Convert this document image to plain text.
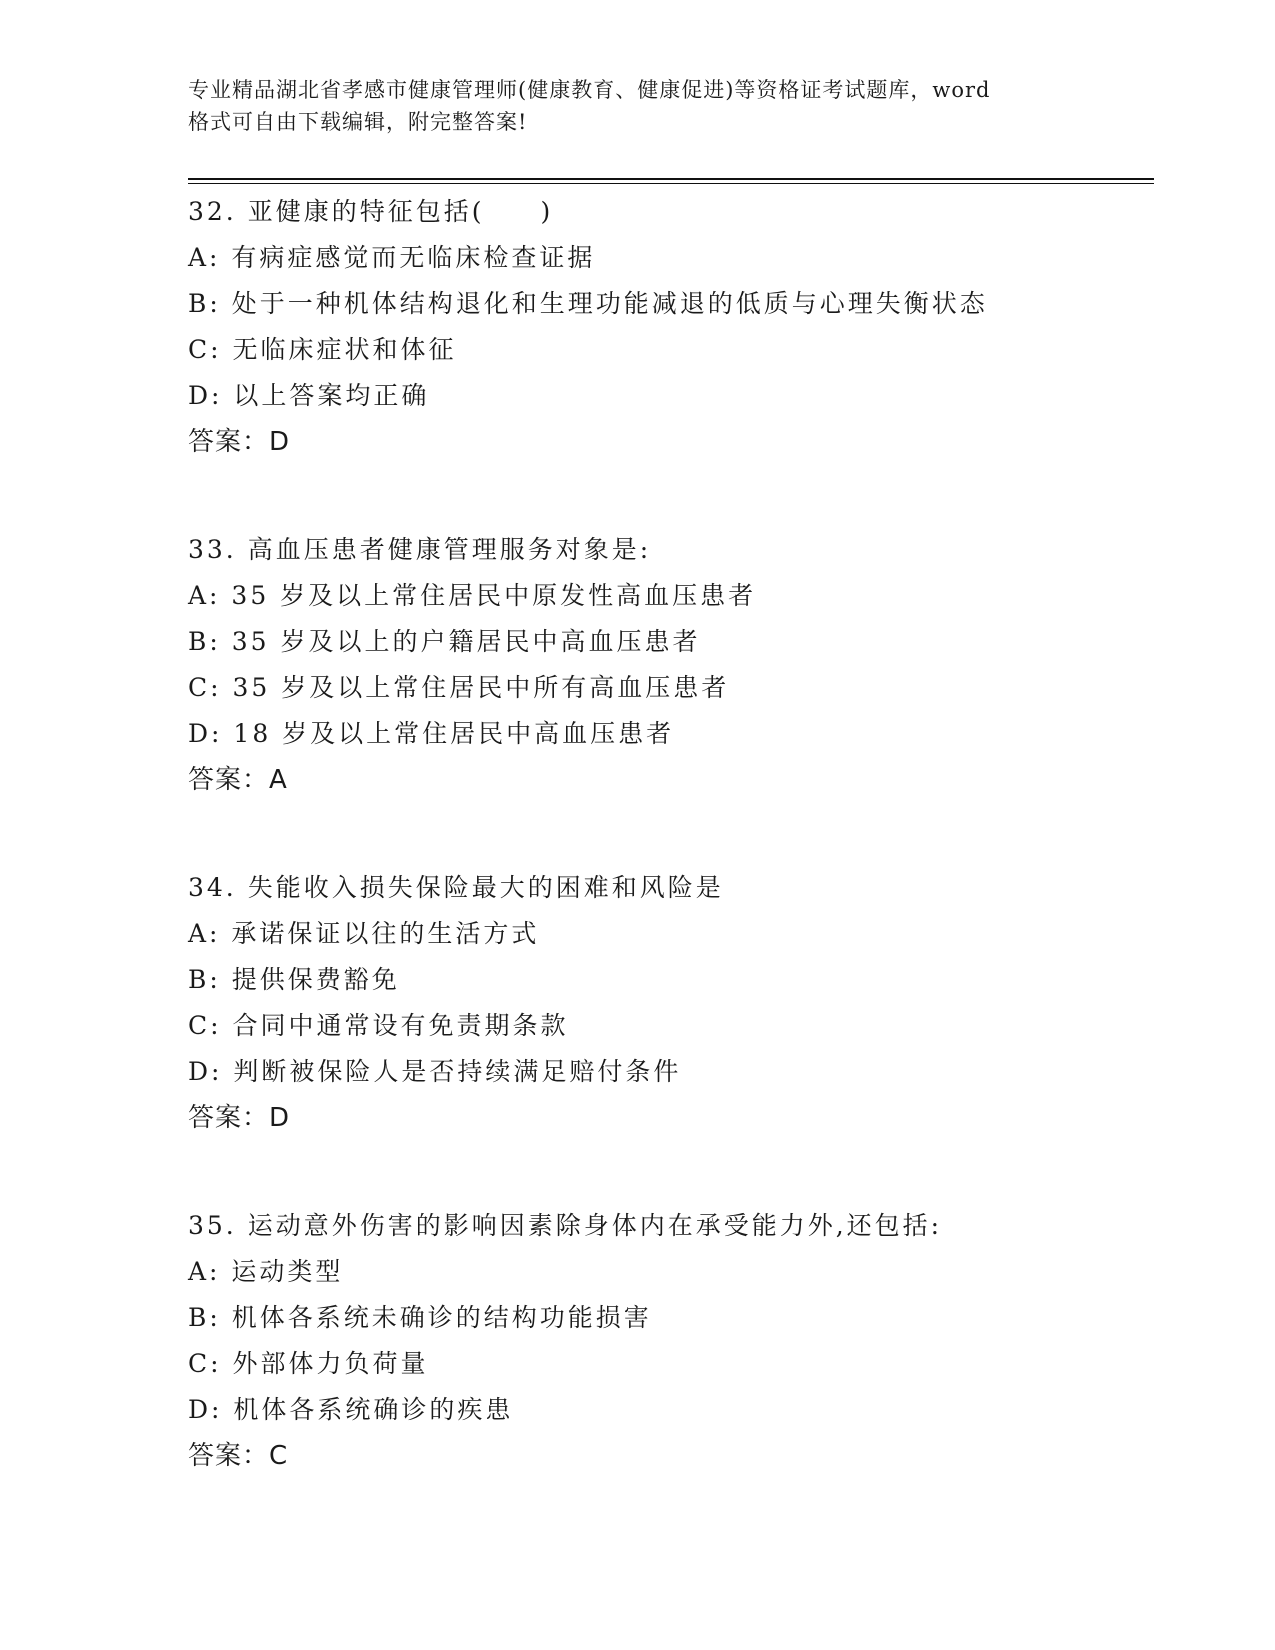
专业精品湖北省孝感市健康管理师(健康教育、健康促进)等资格证考试题库，word
格式可自由下载编辑，附完整答案!
32. 亚健康的特征包括(　　)
A: 有病症感觉而无临床检查证据
B: 处于一种机体结构退化和生理功能减退的低质与心理失衡状态
C: 无临床症状和体征
D: 以上答案均正确
答案：D
33. 高血压患者健康管理服务对象是:
A: 35 岁及以上常住居民中原发性高血压患者
B: 35 岁及以上的户籍居民中高血压患者
C: 35 岁及以上常住居民中所有高血压患者
D: 18 岁及以上常住居民中高血压患者
答案：A
34. 失能收入损失保险最大的困难和风险是
A: 承诺保证以往的生活方式
B: 提供保费豁免
C: 合同中通常设有免责期条款
D: 判断被保险人是否持续满足赔付条件
答案：D
35. 运动意外伤害的影响因素除身体内在承受能力外,还包括:
A: 运动类型
B: 机体各系统未确诊的结构功能损害
C: 外部体力负荷量
D: 机体各系统确诊的疾患
答案：C
